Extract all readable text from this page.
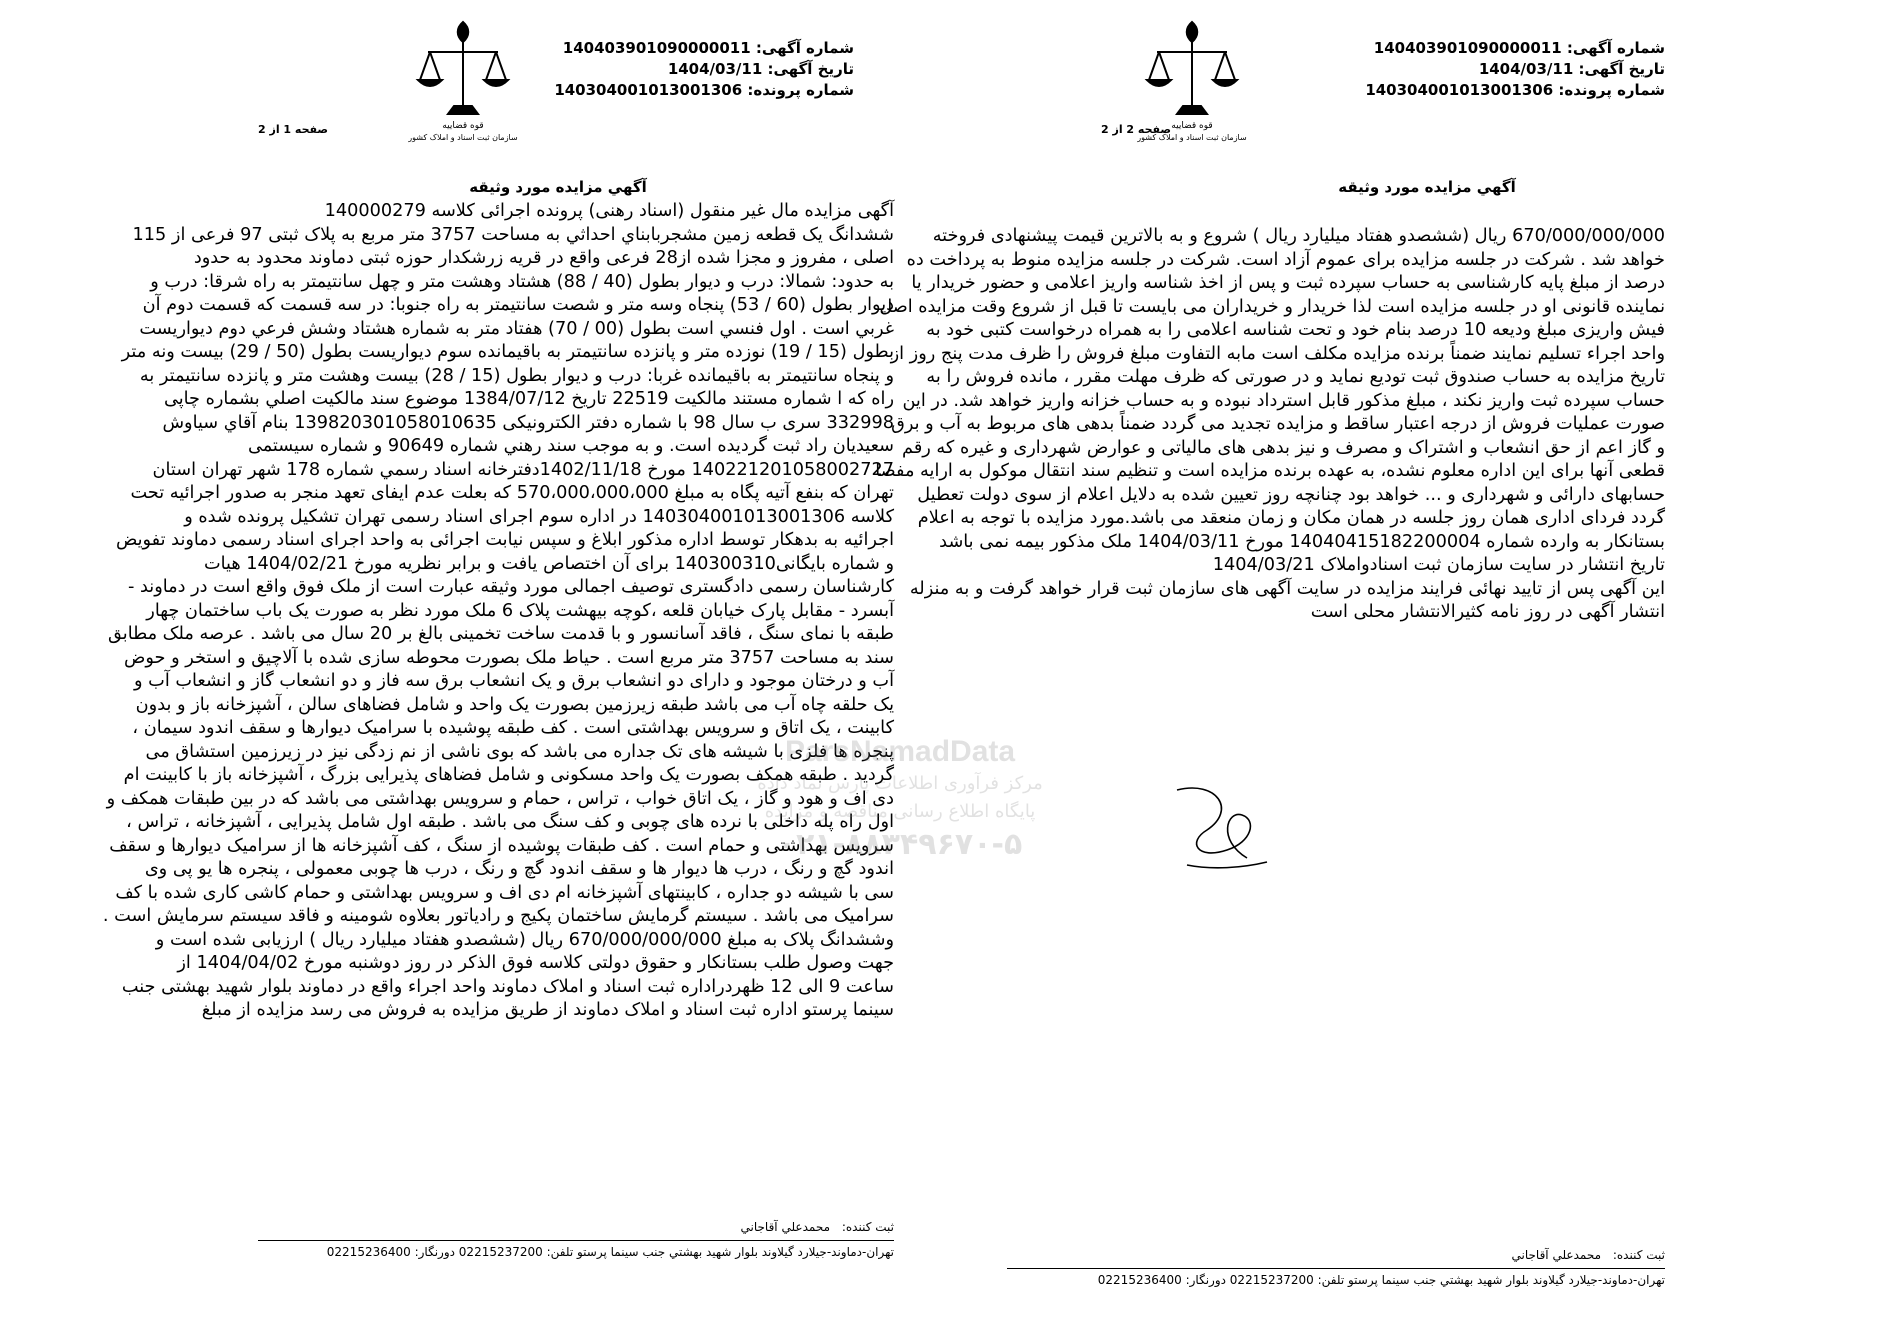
شماره آگهی: 140403901090000011
تاریخ آگهی: 1404/03/11
شماره پرونده: 140304001013001306
قوه قضاییه
سازمان ثبت اسناد و املاک کشور
صفحه 1 از 2
آگهي مزايده مورد وثيقه
آگهی مزایده مال غیر منقول (اسناد رهنی) پرونده اجرائی کلاسه 140000279
ششدانگ یک قطعه زمین مشجربابناي احداثي به مساحت 3757 متر مربع به پلاک ثبتی 97 فرعی از 115
اصلی ، مفروز و مجزا شده از28 فرعی واقع در قریه زرشکدار حوزه ثبتی دماوند محدود به حدود
به حدود: شمالا: درب و ديوار بطول (40 / 88) هشتاد وهشت متر و چهل سانتيمتر به راه شرقا: درب و
ديوار بطول (60 / 53) پنجاه وسه متر و شصت سانتيمتر به راه جنوبا: در سه قسمت که قسمت دوم آن
غربي است . اول فنسي است بطول (00 / 70) هفتاد متر به شماره هشتاد وشش فرعي دوم ديواريست
بطول (15 / 19) نوزده متر و پانزده سانتيمتر به باقيمانده سوم ديواريست بطول (50 / 29) بيست ونه متر
و پنجاه سانتيمتر به باقيمانده غربا: درب و ديوار بطول (15 / 28) بيست وهشت متر و پانزده سانتيمتر به
راه كه ا شماره مستند مالكيت 22519 تاريخ 1384/07/12 موضوع سند مالكيت اصلي بشماره چاپی
332998 سری ب سال 98 با شماره دفتر الكترونیكی 139820301058010635 بنام آقاي سياوش
سعيديان راد ثبت گرديده است. و به موجب سند رهني شماره 90649 و شماره سيستمی
140221201058002727 مورخ 1402/11/18دفترخانه اسناد رسمي شماره 178 شهر تهران استان
تهران كه بنفع آتیه پگاه به مبلغ 570،000،000،000 كه بعلت عدم ایفای تعهد منجر به صدور اجرائیه تحت
كلاسه 140304001013001306 در اداره سوم اجرای اسناد رسمی تهران تشکیل پرونده شده و
اجرائیه به بدهکار توسط اداره مذکور ابلاغ و سپس نیابت اجرائی به واحد اجرای اسناد رسمی دماوند تفویض
و شماره بایگانی140300310 برای آن اختصاص یافت و برابر نظریه مورخ 1404/02/21 هیات
کارشناسان رسمی دادگستری توصیف اجمالی مورد وثیقه عبارت است از ملک فوق واقع است در دماوند -
آبسرد - مقابل پارک خیابان قلعه ،کوچه بیهشت پلاک 6 ملک مورد نظر به صورت یک باب ساختمان چهار
طبقه با نمای سنگ ، فاقد آسانسور و با قدمت ساخت تخمینی بالغ بر 20 سال می باشد . عرصه ملک مطابق
سند به مساحت 3757 متر مربع است . حیاط ملک بصورت محوطه سازی شده با آلاچیق و استخر و حوض
آب و درختان موجود و دارای دو انشعاب برق و یک انشعاب برق سه فاز و دو انشعاب گاز و انشعاب آب و
یک حلقه چاه آب می باشد طبقه زیرزمین بصورت یک واحد و شامل فضاهای سالن ، آشپزخانه باز و بدون
کابینت ، یک اتاق و سرویس بهداشتی است . کف طبقه پوشیده با سرامیک دیوارها و سقف اندود سیمان ،
پنجره ها فلزی با شیشه های تک جداره می باشد که بوی ناشی از نم زدگی نیز در زیرزمین استشاق می
گردید . طبقه همکف بصورت یک واحد مسکونی و شامل فضاهای پذیرایی بزرگ ، آشپزخانه باز با کابینت ام
دی اف و هود و گاز ، یک اتاق خواب ، تراس ، حمام و سرویس بهداشتی می باشد که در بین طبقات همکف و
اول راه پله داخلی با نرده های چوبی و کف سنگ می باشد . طبقه اول شامل پذیرایی ، آشپزخانه ، تراس ،
سرویس بهداشتی و حمام است . کف طبقات پوشیده از سنگ ، کف آشپزخانه ها از سرامیک دیوارها و سقف
اندود گچ و رنگ ، درب ها دیوار ها و سقف اندود گچ و رنگ ، درب ها چوبی معمولی ، پنجره ها یو پی وی
سی با شیشه دو جداره ، کابینتهای آشپزخانه ام دی اف و سرویس بهداشتی و حمام کاشی کاری شده با کف
سرامیک می باشد . سیستم گرمایش ساختمان پکیج و رادیاتور بعلاوه شومینه و فاقد سیستم سرمایش است .
وششدانگ پلاک به مبلغ 670/000/000/000 ریال (ششصدو هفتاد میلیارد ریال ) ارزیابی شده است و
جهت وصول طلب بستانکار و حقوق دولتی کلاسه فوق الذکر در روز دوشنبه مورخ 1404/04/02 از
ساعت 9 الی 12 ظهردراداره ثبت اسناد و املاک دماوند واحد اجراء واقع در دماوند بلوار شهید بهشتی جنب
سینما پرستو اداره ثبت اسناد و املاک دماوند از طریق مزایده به فروش می رسد مزایده از مبلغ
ثبت کننده: محمدعلي آقاجاني
تهران-دماوند-جيلارد گيلاوند بلوار شهيد بهشتي جنب سينما پرستو تلفن: 02215237200 دورنگار: 02215236400
شماره آگهی: 140403901090000011
تاریخ آگهی: 1404/03/11
شماره پرونده: 140304001013001306
قوه قضاییه
سازمان ثبت اسناد و املاک کشور
صفحه 2 از 2
آگهي مزايده مورد وثيقه
670/000/000/000 ریال (ششصدو هفتاد میلیارد ریال ) شروع و به بالاترین قیمت پیشنهادی فروخته
خواهد شد . شرکت در جلسه مزایده برای عموم آزاد است. شرکت در جلسه مزایده منوط به پرداخت ده
درصد از مبلغ پایه کارشناسی به حساب سپرده ثبت و پس از اخذ شناسه واریز اعلامی و حضور خریدار یا
نماینده قانونی او در جلسه مزایده است لذا خریدار و خریداران می بایست تا قبل از شروع وقت مزایده اصل
فیش واریزی مبلغ ودیعه 10 درصد بنام خود و تحت شناسه اعلامی را به همراه درخواست کتبی خود به
واحد اجراء تسلیم نمایند ضمناً برنده مزایده مکلف است مابه التفاوت مبلغ فروش را ظرف مدت پنج روز از
تاریخ مزایده به حساب صندوق ثبت تودیع نماید و در صورتی که ظرف مهلت مقرر ، مانده فروش را به
حساب سپرده ثبت واریز نکند ، مبلغ مذکور قابل استرداد نبوده و به حساب خزانه واریز خواهد شد. در این
صورت عملیات فروش از درجه اعتبار ساقط و مزایده تجدید می گردد ضمناً بدهی های مربوط به آب و برق
و گاز اعم از حق انشعاب و اشتراک و مصرف و نیز بدهی های مالیاتی و عوارض شهرداری و غیره که رقم
قطعی آنها برای این اداره معلوم نشده، به عهده برنده مزایده است و تنظیم سند انتقال موکول به ارایه مفصا
حسابهای دارائی و شهرداری و ... خواهد بود چنانچه روز تعیین شده به دلایل اعلام از سوی دولت تعطیل
گردد فردای اداری همان روز جلسه در همان مکان و زمان منعقد می باشد.مورد مزایده با توجه به اعلام
بستانکار به وارده شماره 14040415182200004 مورخ 1404/03/11 ملک مذکور بیمه نمی باشد
تاریخ انتشار در سایت سازمان ثبت اسنادواملاک 1404/03/21
این آگهی پس از تایید نهائی فرایند مزایده در سایت آگهی های سازمان ثبت قرار خواهد گرفت و به منزله
انتشار آگهی در روز نامه کثیرالانتشار محلی است
ثبت کننده: محمدعلي آقاجاني
تهران-دماوند-جيلارد گيلاوند بلوار شهيد بهشتي جنب سينما پرستو تلفن: 02215237200 دورنگار: 02215236400
ParsNamadData
مرکز فرآوری اطلاعات پارس نماد داده
پایگاه اطلاع رسانی مناقصه و مزایده
۰۲۱-۸۸۳۴۹۶۷۰-۵
